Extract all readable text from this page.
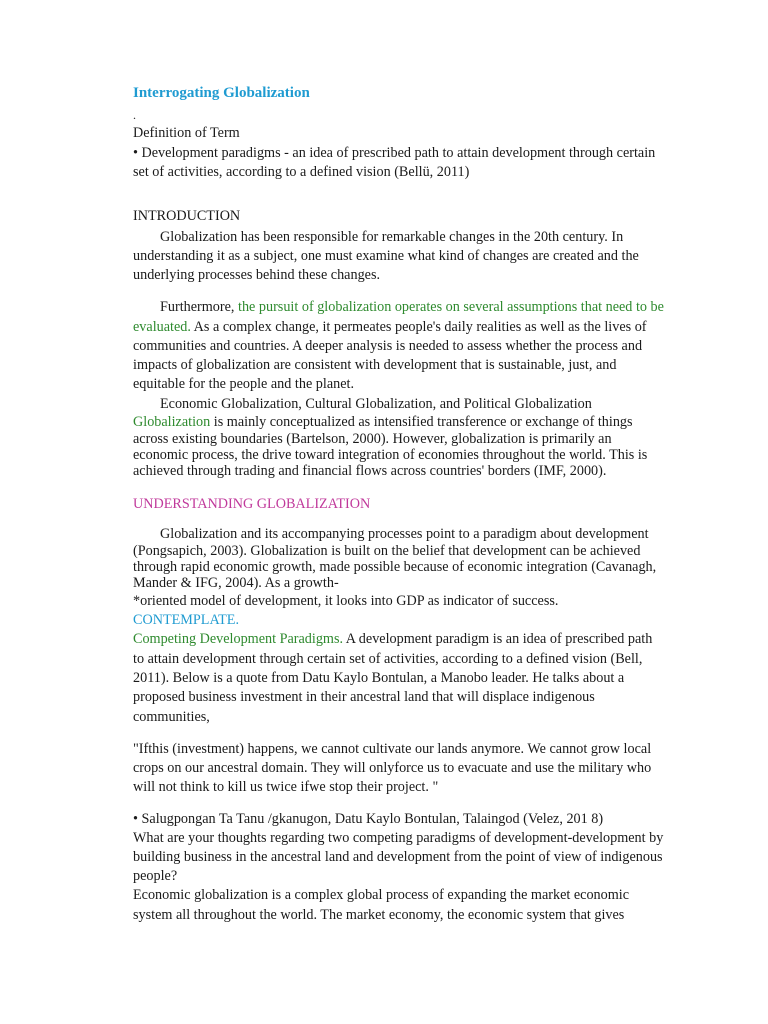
Interrogating Globalization
.
Definition of Term
• Development paradigms - an idea of prescribed path to attain development through certain
set of activities, according to a defined vision (Bellü, 2011)
INTRODUCTION
Globalization has been responsible for remarkable changes in the 20th century. In
understanding it as a subject, one must examine what kind of changes are created and the
underlying processes behind these changes.
Furthermore, the pursuit of globalization operates on several assumptions that need to be
evaluated. As a complex change, it permeates people's daily realities as well as the lives of
communities and countries. A deeper analysis is needed to assess whether the process and
impacts of globalization are consistent with development that is sustainable, just, and
equitable for the people and the planet.
Economic Globalization, Cultural Globalization, and Political Globalization
Globalization is mainly conceptualized as intensified transference or exchange of things
across existing boundaries (Bartelson, 2000). However, globalization is primarily an
economic process, the drive toward integration of economies throughout the world. This is
achieved through trading and financial flows across countries' borders (IMF, 2000).
UNDERSTANDING GLOBALIZATION
Globalization and its accompanying processes point to a paradigm about development
(Pongsapich, 2003). Globalization is built on the belief that development can be achieved
through rapid economic growth, made possible because of economic integration (Cavanagh,
Mander & IFG, 2004). As a growth-
*oriented model of development, it looks into GDP as indicator of success.
CONTEMPLATE.
Competing Development Paradigms. A development paradigm is an idea of prescribed path
to attain development through certain set of activities, according to a defined vision (Bell,
2011). Below is a quote from Datu Kaylo Bontulan, a Manobo leader. He talks about a
proposed business investment in their ancestral land that will displace indigenous
communities,
"Ifthis (investment) happens, we cannot cultivate our lands anymore. We cannot grow local
crops on our ancestral domain. They will onlyforce us to evacuate and use the military who
will not think to kill us twice ifwe stop their project. "
• Salugpongan Ta Tanu /gkanugon, Datu Kaylo Bontulan, Talaingod (Velez, 201 8)
What are your thoughts regarding two competing paradigms of development-development by
building business in the ancestral land and development from the point of view of indigenous
people?
Economic globalization is a complex global process of expanding the market economic
system all throughout the world. The market economy, the economic system that gives
